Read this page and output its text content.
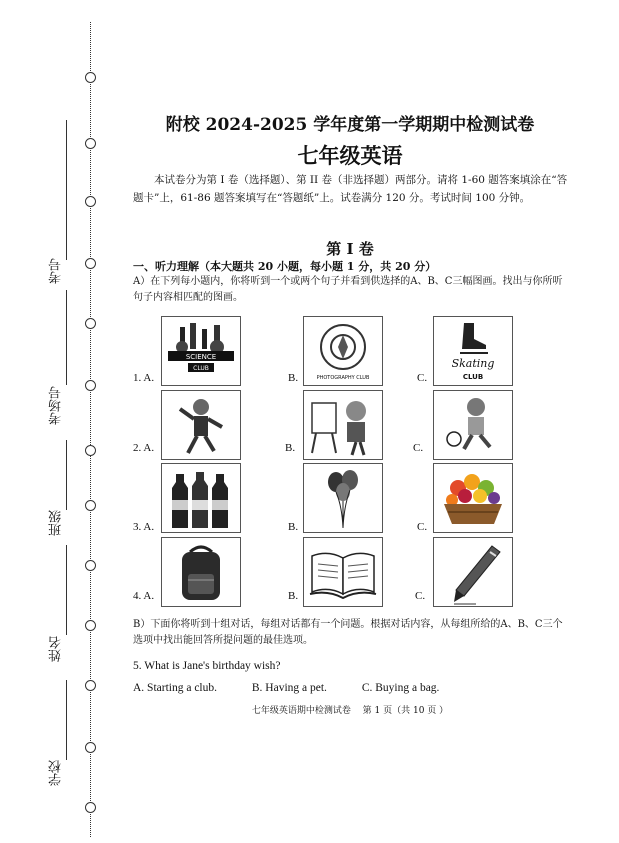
考号
考场号
班级
姓名
学校
附校 2024-2025 学年度第一学期期中检测试卷
七年级英语
本试卷分为第 I 卷（选择题）、第 II 卷（非选择题）两部分。请将 1-60 题答案填涂在“答题卡”上，61-86 题答案填写在“答题纸”上。试卷满分 120 分。考试时间 100 分钟。
第 I 卷
一、听力理解（本大题共 20 小题，每小题 1 分，共 20 分）
A）在下列每小题内，你将听到一个或两个句子并看到供选择的A、B、C三幅图画。找出与你所听句子内容相匹配的图画。
1. A.
SCIENCE
CLUB
B.	PHOTOGRAPHY CLUB	C.
Skating
CLUB
2. A.	B.	C.
3. A.	B.	C.
4. A.	B.	C.
B）下面你将听到十组对话，每组对话都有一个问题。根据对话内容，从每组所给的A、B、C三个选项中找出能回答所提问题的最佳选项。
5. What is Jane's birthday wish?
A. Starting a club.	B. Having a pet.	C. Buying a bag.
七年级英语期中检测试卷　 第 1 页（共 10 页 ）
